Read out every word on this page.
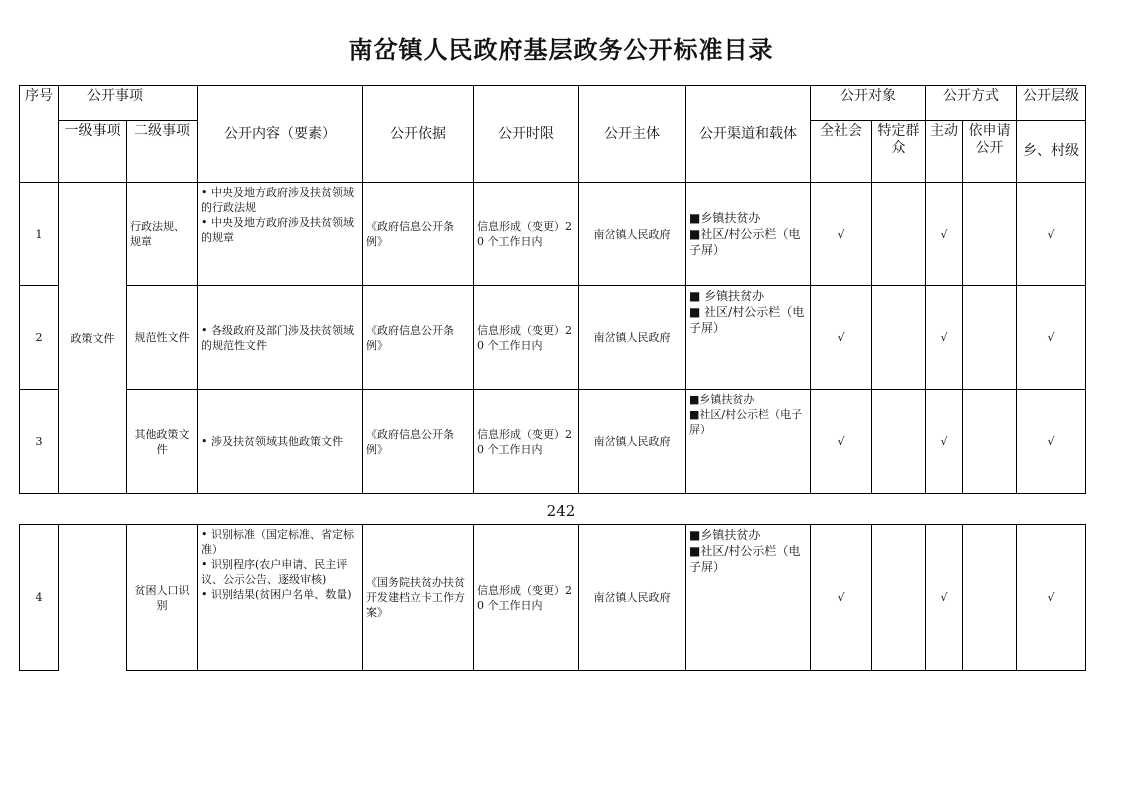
南岔镇人民政府基层政务公开标准目录
序号	公开事项		公开内容（要素）	公开依据	公开时限	公开主体	公开渠道和载体	公开对象		公开方式		公开层级
	一级事项	二级事项						全社会	特定群众	主动	依申请公开	乡、村级
1	政策文件	行政法规、规章	• 中央及地方政府涉及扶贫领域的行政法规
• 中央及地方政府涉及扶贫领域的规章	《政府信息公开条例》	信息形成（变更）20 个工作日内	南岔镇人民政府	■乡镇扶贫办
■社区/村公示栏（电子屏）	√		√		√
2		规范性文件	• 各级政府及部门涉及扶贫领域的规范性文件	《政府信息公开条例》	信息形成（变更）20 个工作日内	南岔镇人民政府	■ 乡镇扶贫办
■ 社区/村公示栏（电子屏）	√		√		√
3		其他政策文件	• 涉及扶贫领域其他政策文件	《政府信息公开条例》	信息形成（变更）20 个工作日内	南岔镇人民政府	■乡镇扶贫办
■社区/村公示栏（电子屏）	√		√		√
242
4		贫困人口识别	
• 识别标准（国定标准、省定标准）
• 识别程序(农户申请、民主评议、公示公告、逐级审核)
• 识别结果(贫困户名单、数量)
	《国务院扶贫办扶贫开发建档立卡工作方案》	信息形成（变更）20 个工作日内	南岔镇人民政府	
■乡镇扶贫办
■社区/村公示栏（电子屏）
	√		√		√
